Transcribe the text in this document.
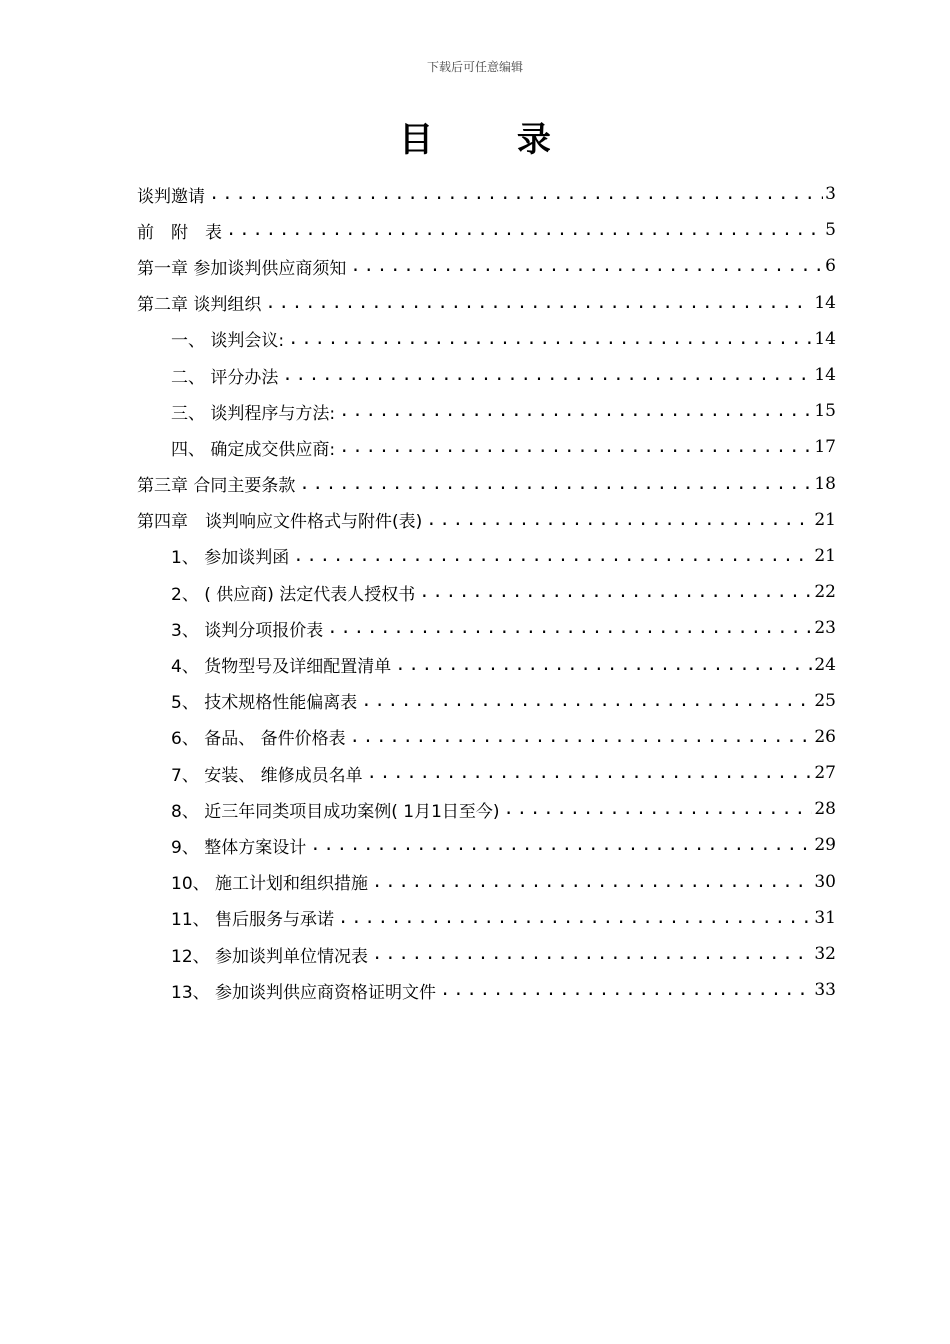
下载后可任意编辑
目 录
谈判邀请 .....	3
前　附　表 .....	5
第一章 参加谈判供应商须知 .....	6
第二章 谈判组织 .....	14
一、 谈判会议: .....	14
二、 评分办法 .....	14
三、 谈判程序与方法: .....	15
四、 确定成交供应商: .....	17
第三章 合同主要条款 .....	18
第四章　谈判响应文件格式与附件(表) .....	21
1、 参加谈判函 .....	21
2、 ( 供应商) 法定代表人授权书 .....	22
3、 谈判分项报价表 .....	23
4、 货物型号及详细配置清单 .....	24
5、 技术规格性能偏离表 .....	25
6、 备品、 备件价格表 .....	26
7、 安装、 维修成员名单 .....	27
8、 近三年同类项目成功案例( 1月1日至今) .....	28
9、 整体方案设计 .....	29
10、 施工计划和组织措施 .....	30
11、 售后服务与承诺 .....	31
12、 参加谈判单位情况表 .....	32
13、 参加谈判供应商资格证明文件 .....	33
